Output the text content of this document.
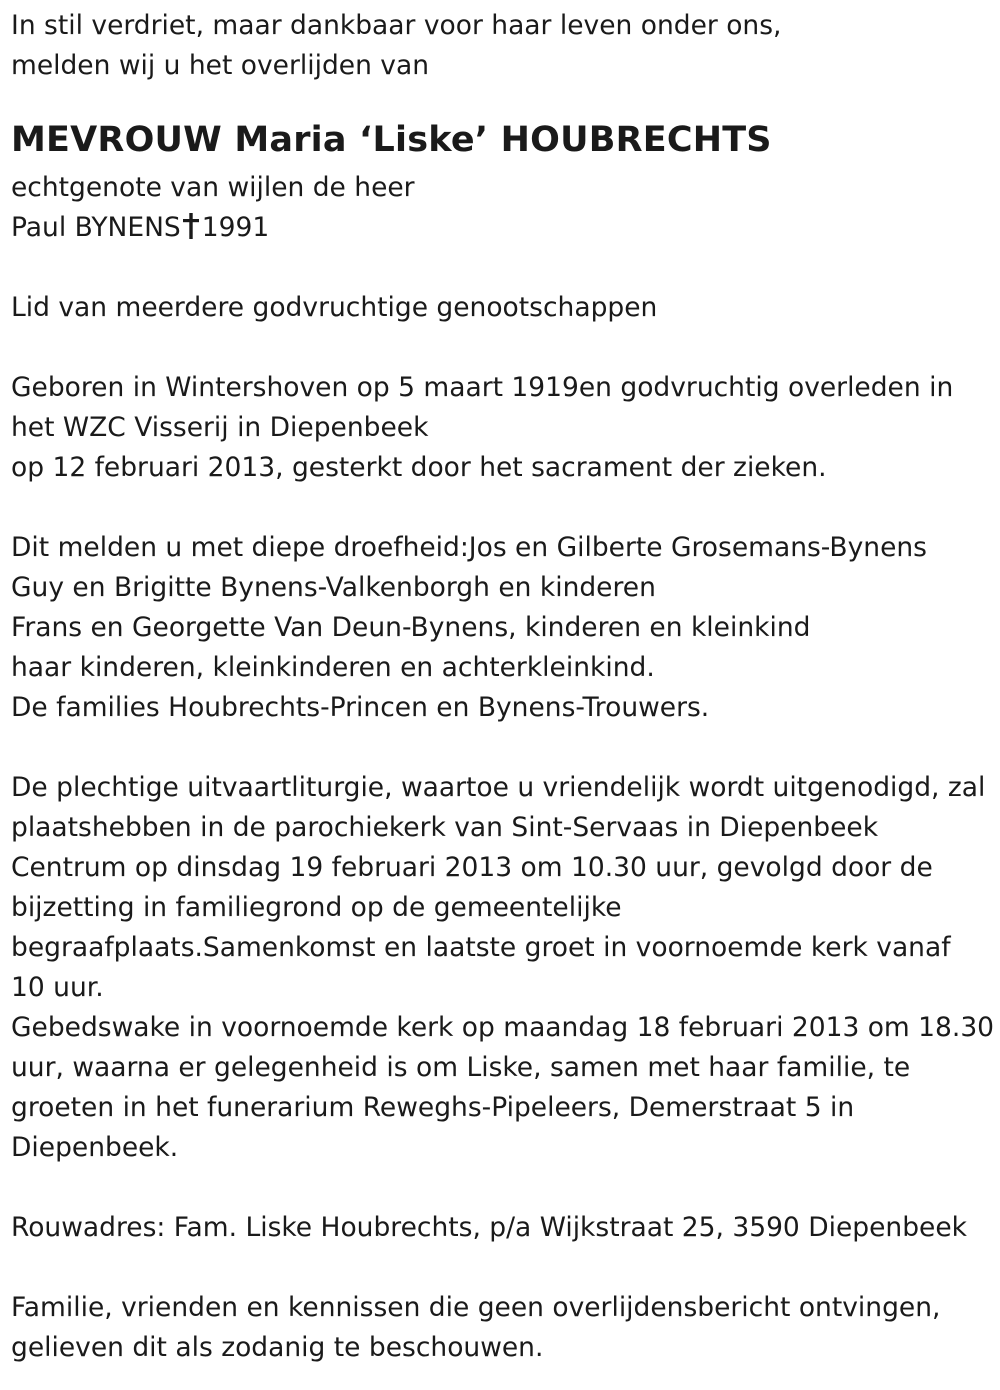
In stil verdriet, maar dankbaar voor haar leven onder ons,
melden wij u het overlijden van
MEVROUW Maria ‘Liske’ HOUBRECHTS
echtgenote van wijlen de heer
Paul BYNENS 1991
Lid van meerdere godvruchtige genootschappen
Geboren in Wintershoven op 5 maart 1919en godvruchtig overleden in
het WZC Visserij in Diepenbeek
op 12 februari 2013, gesterkt door het sacrament der zieken.
Dit melden u met diepe droefheid:Jos en Gilberte Grosemans-Bynens
Guy en Brigitte Bynens-Valkenborgh en kinderen
Frans en Georgette Van Deun-Bynens, kinderen en kleinkind
haar kinderen, kleinkinderen en achterkleinkind.
De families Houbrechts-Princen en Bynens-Trouwers.
De plechtige uitvaartliturgie, waartoe u vriendelijk wordt uitgenodigd, zal
plaatshebben in de parochiekerk van Sint-Servaas in Diepenbeek
Centrum op dinsdag 19 februari 2013 om 10.30 uur, gevolgd door de
bijzetting in familiegrond op de gemeentelijke
begraafplaats.Samenkomst en laatste groet in voornoemde kerk vanaf
10 uur.
Gebedswake in voornoemde kerk op maandag 18 februari 2013 om 18.30
uur, waarna er gelegenheid is om Liske, samen met haar familie, te
groeten in het funerarium Reweghs-Pipeleers, Demerstraat 5 in
Diepenbeek.
Rouwadres: Fam. Liske Houbrechts, p/a Wijkstraat 25, 3590 Diepenbeek
Familie, vrienden en kennissen die geen overlijdensbericht ontvingen,
gelieven dit als zodanig te beschouwen.
